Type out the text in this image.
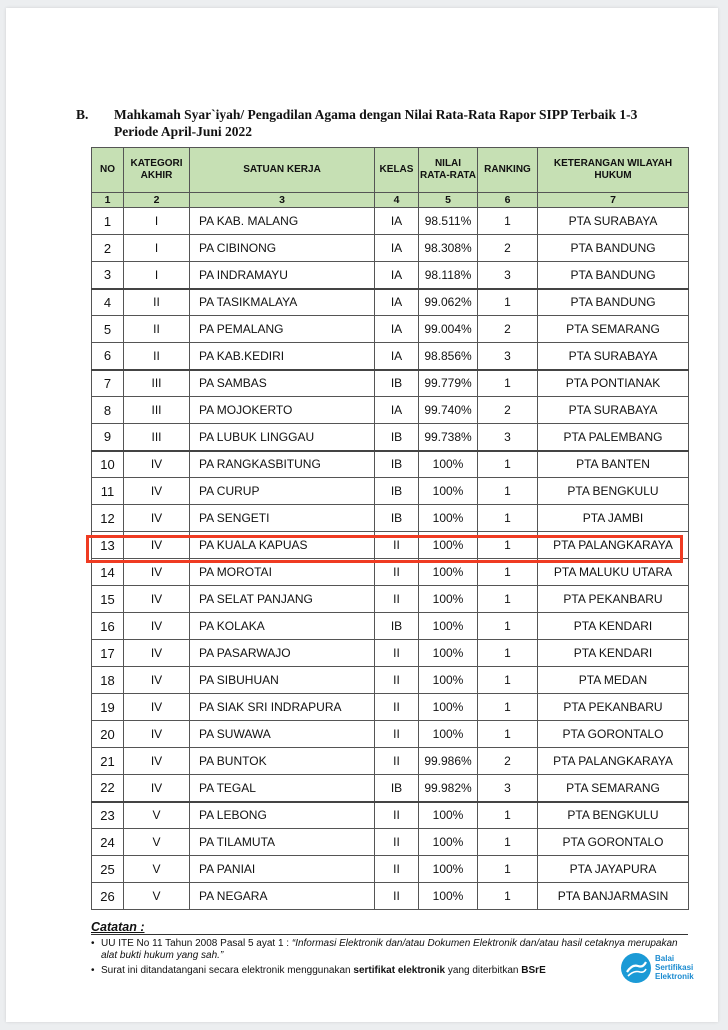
B. Mahkamah Syar`iyah/ Pengadilan Agama dengan Nilai Rata-Rata Rapor SIPP Terbaik 1-3
Periode April-Juni 2022
NO	KATEGORI AKHIR	SATUAN KERJA	KELAS	NILAI RATA-RATA	RANKING	KETERANGAN WILAYAH HUKUM
1	2	3	4	5	6	7
1	I	PA KAB. MALANG	IA	98.511%	1	PTA SURABAYA
2	I	PA CIBINONG	IA	98.308%	2	PTA BANDUNG
3	I	PA INDRAMAYU	IA	98.118%	3	PTA BANDUNG
4	II	PA TASIKMALAYA	IA	99.062%	1	PTA BANDUNG
5	II	PA PEMALANG	IA	99.004%	2	PTA SEMARANG
6	II	PA KAB.KEDIRI	IA	98.856%	3	PTA SURABAYA
7	III	PA SAMBAS	IB	99.779%	1	PTA PONTIANAK
8	III	PA MOJOKERTO	IA	99.740%	2	PTA SURABAYA
9	III	PA LUBUK LINGGAU	IB	99.738%	3	PTA PALEMBANG
10	IV	PA RANGKASBITUNG	IB	100%	1	PTA BANTEN
11	IV	PA CURUP	IB	100%	1	PTA BENGKULU
12	IV	PA SENGETI	IB	100%	1	PTA JAMBI
13	IV	PA KUALA KAPUAS	II	100%	1	PTA PALANGKARAYA
14	IV	PA MOROTAI	II	100%	1	PTA MALUKU UTARA
15	IV	PA SELAT PANJANG	II	100%	1	PTA PEKANBARU
16	IV	PA KOLAKA	IB	100%	1	PTA KENDARI
17	IV	PA PASARWAJO	II	100%	1	PTA KENDARI
18	IV	PA SIBUHUAN	II	100%	1	PTA MEDAN
19	IV	PA SIAK SRI INDRAPURA	II	100%	1	PTA PEKANBARU
20	IV	PA SUWAWA	II	100%	1	PTA GORONTALO
21	IV	PA BUNTOK	II	99.986%	2	PTA PALANGKARAYA
22	IV	PA TEGAL	IB	99.982%	3	PTA SEMARANG
23	V	PA LEBONG	II	100%	1	PTA BENGKULU
24	V	PA TILAMUTA	II	100%	1	PTA GORONTALO
25	V	PA PANIAI	II	100%	1	PTA JAYAPURA
26	V	PA NEGARA	II	100%	1	PTA BANJARMASIN
Catatan :
• UU ITE No 11 Tahun 2008 Pasal 5 ayat 1 : “Informasi Elektronik dan/atau Dokumen Elektronik dan/atau hasil cetaknya merupakan alat bukti hukum yang sah.”
• Surat ini ditandatangani secara elektronik menggunakan sertifikat elektronik yang diterbitkan BSrE
Balai
Sertifikasi
Elektronik
